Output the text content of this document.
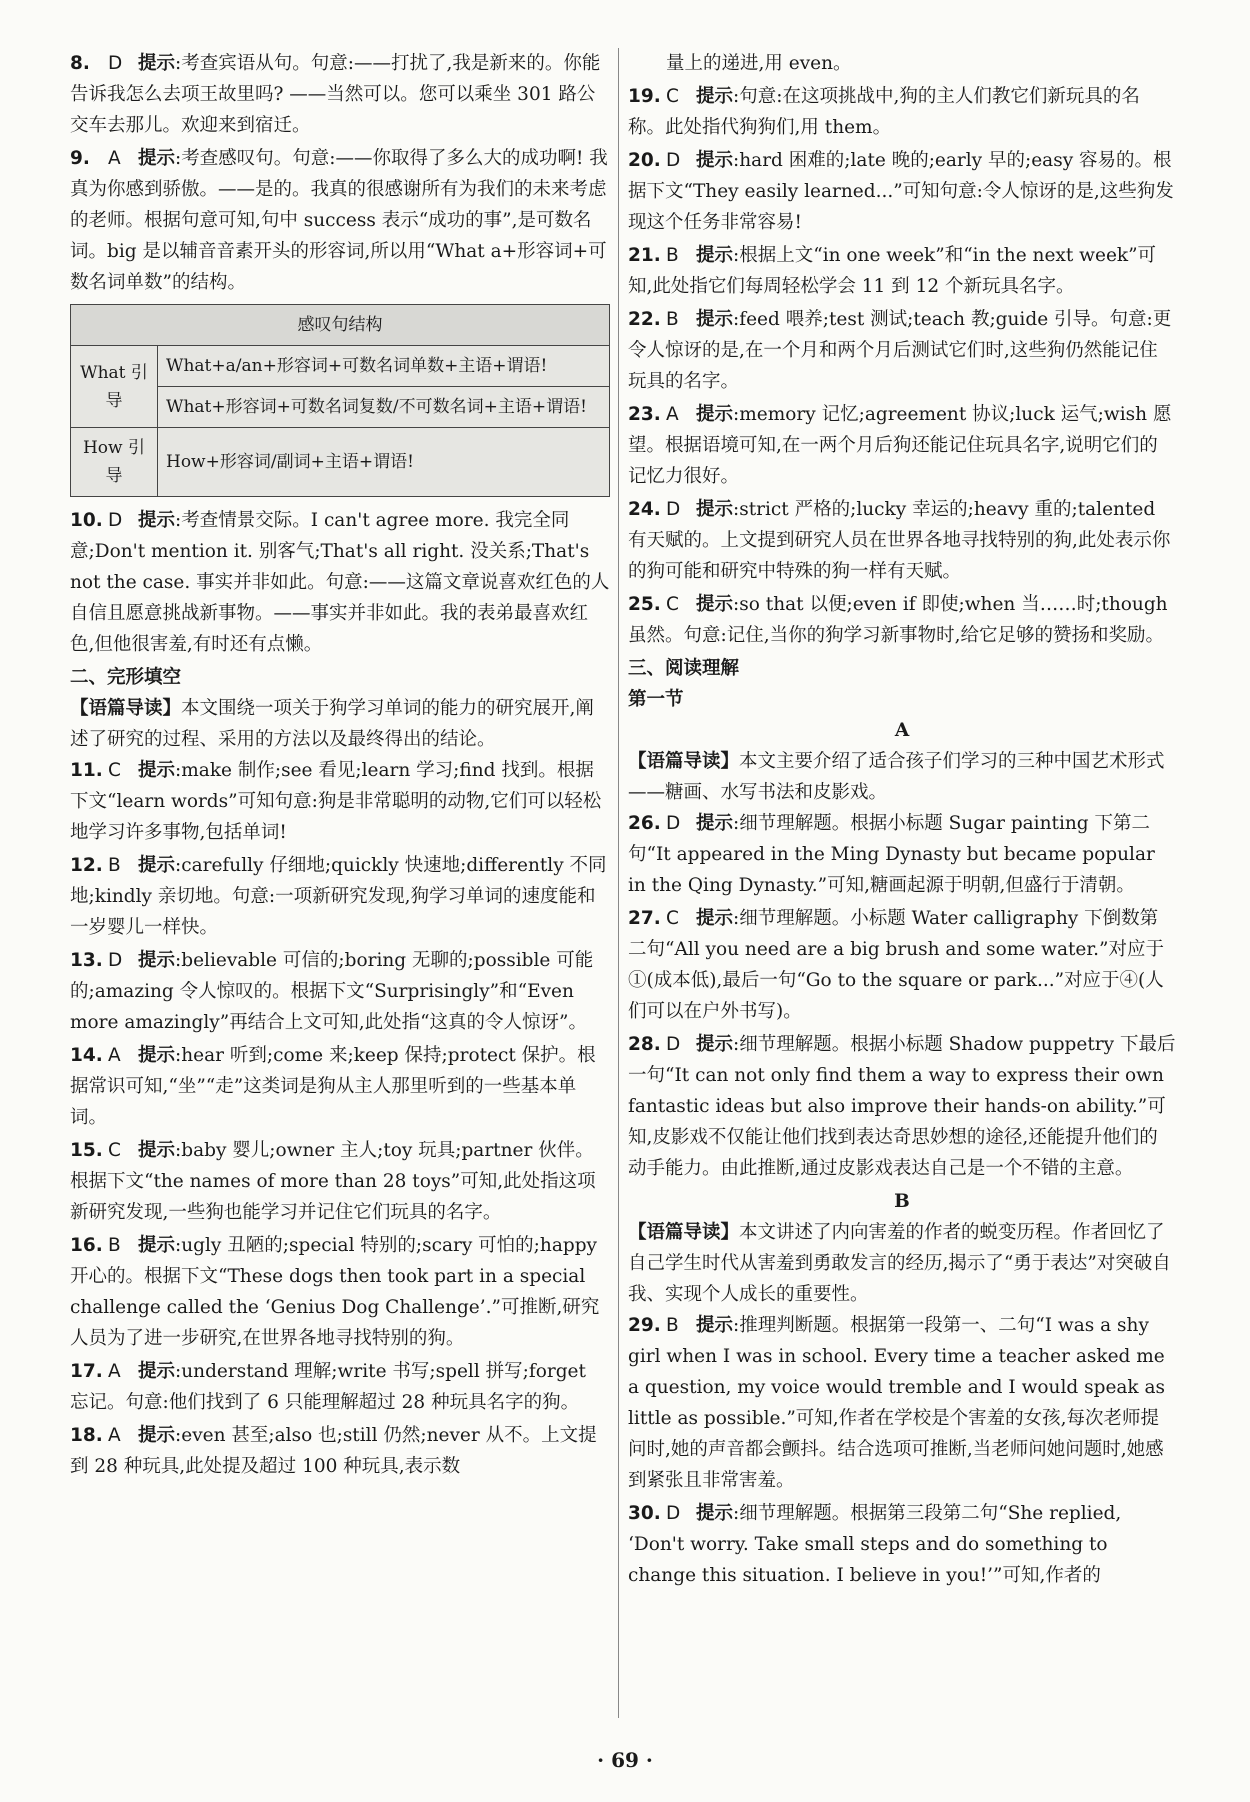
8. D 提示:考查宾语从句。句意:——打扰了,我是新来的。你能告诉我怎么去项王故里吗? ——当然可以。您可以乘坐 301 路公交车去那儿。欢迎来到宿迁。
9. A 提示:考查感叹句。句意:——你取得了多么大的成功啊! 我真为你感到骄傲。——是的。我真的很感谢所有为我们的未来考虑的老师。根据句意可知,句中 success 表示“成功的事”,是可数名词。big 是以辅音音素开头的形容词,所以用“What a+形容词+可数名词单数”的结构。
感叹句结构	
What 引导	What+a/an+形容词+可数名词单数+主语+谓语!
	What+形容词+可数名词复数/不可数名词+主语+谓语!
How 引导	How+形容词/副词+主语+谓语!
10. D 提示:考查情景交际。I can't agree more. 我完全同意;Don't mention it. 别客气;That's all right. 没关系;That's not the case. 事实并非如此。句意:——这篇文章说喜欢红色的人自信且愿意挑战新事物。——事实并非如此。我的表弟最喜欢红色,但他很害羞,有时还有点懒。
二、完形填空
【语篇导读】本文围绕一项关于狗学习单词的能力的研究展开,阐述了研究的过程、采用的方法以及最终得出的结论。
11. C 提示:make 制作;see 看见;learn 学习;find 找到。根据下文“learn words”可知句意:狗是非常聪明的动物,它们可以轻松地学习许多事物,包括单词!
12. B 提示:carefully 仔细地;quickly 快速地;differently 不同地;kindly 亲切地。句意:一项新研究发现,狗学习单词的速度能和一岁婴儿一样快。
13. D 提示:believable 可信的;boring 无聊的;possible 可能的;amazing 令人惊叹的。根据下文“Surprisingly”和“Even more amazingly”再结合上文可知,此处指“这真的令人惊讶”。
14. A 提示:hear 听到;come 来;keep 保持;protect 保护。根据常识可知,“坐”“走”这类词是狗从主人那里听到的一些基本单词。
15. C 提示:baby 婴儿;owner 主人;toy 玩具;partner 伙伴。根据下文“the names of more than 28 toys”可知,此处指这项新研究发现,一些狗也能学习并记住它们玩具的名字。
16. B 提示:ugly 丑陋的;special 特别的;scary 可怕的;happy 开心的。根据下文“These dogs then took part in a special challenge called the ‘Genius Dog Challenge’.”可推断,研究人员为了进一步研究,在世界各地寻找特别的狗。
17. A 提示:understand 理解;write 书写;spell 拼写;forget 忘记。句意:他们找到了 6 只能理解超过 28 种玩具名字的狗。
18. A 提示:even 甚至;also 也;still 仍然;never 从不。上文提到 28 种玩具,此处提及超过 100 种玩具,表示数
量上的递进,用 even。
19. C 提示:句意:在这项挑战中,狗的主人们教它们新玩具的名称。此处指代狗狗们,用 them。
20. D 提示:hard 困难的;late 晚的;early 早的;easy 容易的。根据下文“They easily learned...”可知句意:令人惊讶的是,这些狗发现这个任务非常容易!
21. B 提示:根据上文“in one week”和“in the next week”可知,此处指它们每周轻松学会 11 到 12 个新玩具名字。
22. B 提示:feed 喂养;test 测试;teach 教;guide 引导。句意:更令人惊讶的是,在一个月和两个月后测试它们时,这些狗仍然能记住玩具的名字。
23. A 提示:memory 记忆;agreement 协议;luck 运气;wish 愿望。根据语境可知,在一两个月后狗还能记住玩具名字,说明它们的记忆力很好。
24. D 提示:strict 严格的;lucky 幸运的;heavy 重的;talented 有天赋的。上文提到研究人员在世界各地寻找特别的狗,此处表示你的狗可能和研究中特殊的狗一样有天赋。
25. C 提示:so that 以便;even if 即使;when 当……时;though 虽然。句意:记住,当你的狗学习新事物时,给它足够的赞扬和奖励。
三、阅读理解
第一节
A
【语篇导读】本文主要介绍了适合孩子们学习的三种中国艺术形式——糖画、水写书法和皮影戏。
26. D 提示:细节理解题。根据小标题 Sugar painting 下第二句“It appeared in the Ming Dynasty but became popular in the Qing Dynasty.”可知,糖画起源于明朝,但盛行于清朝。
27. C 提示:细节理解题。小标题 Water calligraphy 下倒数第二句“All you need are a big brush and some water.”对应于①(成本低),最后一句“Go to the square or park...”对应于④(人们可以在户外书写)。
28. D 提示:细节理解题。根据小标题 Shadow puppetry 下最后一句“It can not only find them a way to express their own fantastic ideas but also improve their hands-on ability.”可知,皮影戏不仅能让他们找到表达奇思妙想的途径,还能提升他们的动手能力。由此推断,通过皮影戏表达自己是一个不错的主意。
B
【语篇导读】本文讲述了内向害羞的作者的蜕变历程。作者回忆了自己学生时代从害羞到勇敢发言的经历,揭示了“勇于表达”对突破自我、实现个人成长的重要性。
29. B 提示:推理判断题。根据第一段第一、二句“I was a shy girl when I was in school. Every time a teacher asked me a question, my voice would tremble and I would speak as little as possible.”可知,作者在学校是个害羞的女孩,每次老师提问时,她的声音都会颤抖。结合选项可推断,当老师问她问题时,她感到紧张且非常害羞。
30. D 提示:细节理解题。根据第三段第二句“She replied, ‘Don't worry. Take small steps and do something to change this situation. I believe in you!’”可知,作者的
· 69 ·
